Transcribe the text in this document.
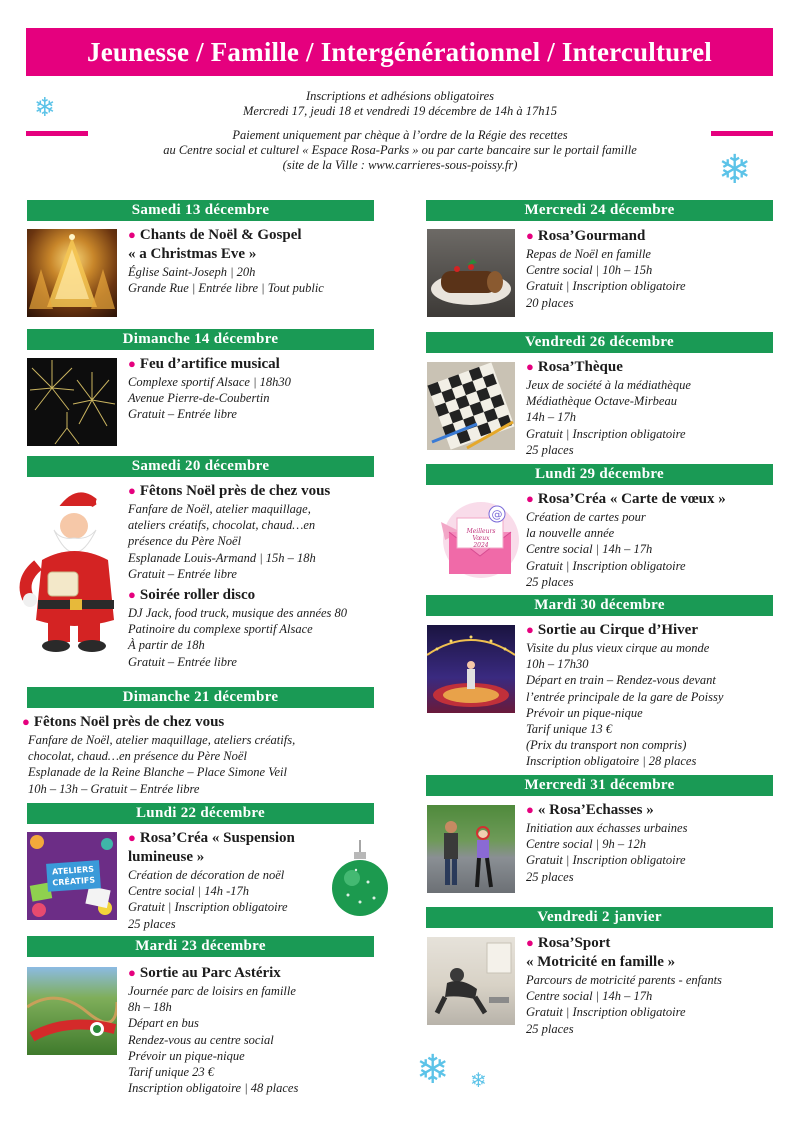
Jeunesse / Famille / Intergénérationnel / Interculturel
❄
❄

Inscriptions et adhésions obligatoires

Mercredi 17, jeudi 18 et vendredi 19 décembre de 14h à 17h15

Paiement uniquement par chèque à l’ordre de la Régie des recettes

au Centre social et culturel « Espace Rosa-Parks » ou par carte bancaire sur le portail famille

(site de la Ville : www.carrieres-sous-poissy.fr)

Samedi 13 décembre
● Chants de Noël & Gospel
« a Christmas Eve »
Église Saint-Joseph | 20h
Grande Rue | Entrée libre | Tout public
Dimanche 14 décembre
● Feu d’artifice musical
Complexe sportif Alsace | 18h30
Avenue Pierre-de-Coubertin
Gratuit – Entrée libre
Samedi 20 décembre
● Fêtons Noël près de chez vous
Fanfare de Noël, atelier maquillage,
ateliers créatifs, chocolat, chaud…en
présence du Père Noël
Esplanade Louis-Armand | 15h – 18h
Gratuit – Entrée libre
● Soirée roller disco
DJ Jack, food truck, musique des années 80
Patinoire du complexe sportif Alsace
À partir de 18h
Gratuit – Entrée libre
Dimanche 21 décembre
● Fêtons Noël près de chez vous
Fanfare de Noël, atelier maquillage, ateliers créatifs,
chocolat, chaud…en présence du Père Noël
Esplanade de la Reine Blanche – Place Simone Veil
10h – 13h – Gratuit – Entrée libre
Lundi 22 décembre
ATELIERS
CRÉATIFS
● Rosa’Créa « Suspension
lumineuse »
Création de décoration de noël
Centre social | 14h -17h
Gratuit | Inscription obligatoire
25 places
Mardi 23 décembre
● Sortie au Parc Astérix
Journée parc de loisirs en famille
8h – 18h
Départ en bus
Rendez-vous au centre social
Prévoir un pique-nique
Tarif unique 23 €
Inscription obligatoire | 48 places
Mercredi 24 décembre
● Rosa’Gourmand
Repas de Noël en famille
Centre social | 10h – 15h
Gratuit | Inscription obligatoire
20 places
Vendredi 26 décembre
● Rosa’Thèque
Jeux de société à la médiathèque
Médiathèque Octave-Mirbeau
14h – 17h
Gratuit | Inscription obligatoire
25 places
Lundi 29 décembre
@
Meilleurs Vœux
2024
● Rosa’Créa « Carte de vœux »
Création de cartes pour
la nouvelle année
Centre social | 14h – 17h
Gratuit | Inscription obligatoire
25 places
Mardi 30 décembre
● Sortie au Cirque d’Hiver
Visite du plus vieux cirque au monde
10h – 17h30
Départ en train – Rendez-vous devant
l’entrée principale de la gare de Poissy
Prévoir un pique-nique
Tarif unique 13 €
(Prix du transport non compris)
Inscription obligatoire | 28 places
Mercredi 31 décembre
● « Rosa’Echasses »
Initiation aux échasses urbaines
Centre social | 9h – 12h
Gratuit | Inscription obligatoire
25 places
Vendredi 2 janvier
● Rosa’Sport
« Motricité en famille »
Parcours de motricité parents - enfants
Centre social | 14h – 17h
Gratuit | Inscription obligatoire
25 places
❄ ❄
